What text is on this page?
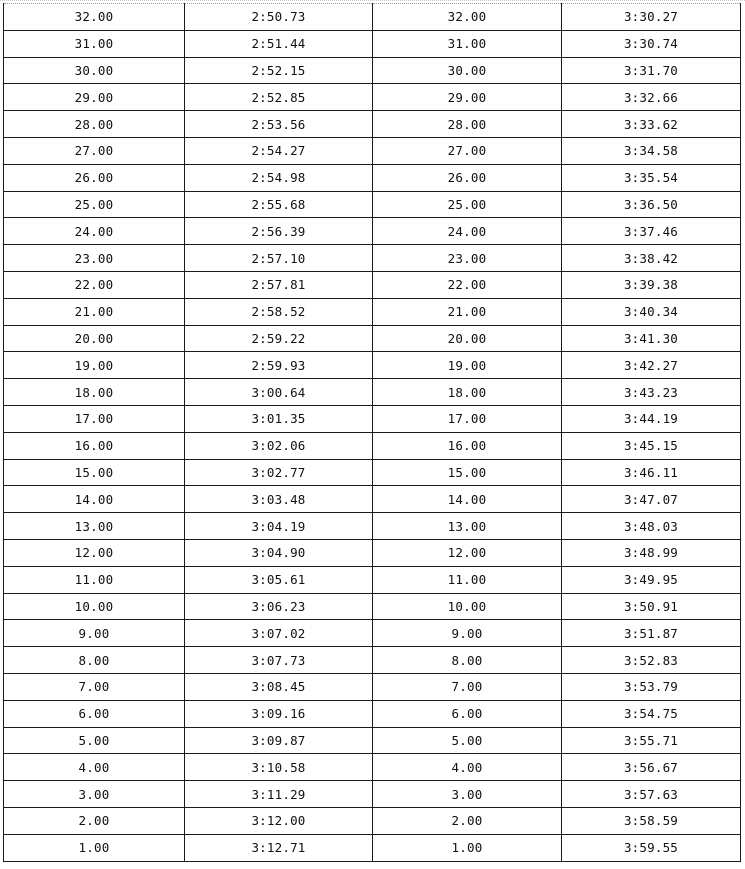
32.00	2:50.73	32.00	3:30.27
31.00	2:51.44	31.00	3:30.74
30.00	2:52.15	30.00	3:31.70
29.00	2:52.85	29.00	3:32.66
28.00	2:53.56	28.00	3:33.62
27.00	2:54.27	27.00	3:34.58
26.00	2:54.98	26.00	3:35.54
25.00	2:55.68	25.00	3:36.50
24.00	2:56.39	24.00	3:37.46
23.00	2:57.10	23.00	3:38.42
22.00	2:57.81	22.00	3:39.38
21.00	2:58.52	21.00	3:40.34
20.00	2:59.22	20.00	3:41.30
19.00	2:59.93	19.00	3:42.27
18.00	3:00.64	18.00	3:43.23
17.00	3:01.35	17.00	3:44.19
16.00	3:02.06	16.00	3:45.15
15.00	3:02.77	15.00	3:46.11
14.00	3:03.48	14.00	3:47.07
13.00	3:04.19	13.00	3:48.03
12.00	3:04.90	12.00	3:48.99
11.00	3:05.61	11.00	3:49.95
10.00	3:06.23	10.00	3:50.91
9.00	3:07.02	9.00	3:51.87
8.00	3:07.73	8.00	3:52.83
7.00	3:08.45	7.00	3:53.79
6.00	3:09.16	6.00	3:54.75
5.00	3:09.87	5.00	3:55.71
4.00	3:10.58	4.00	3:56.67
3.00	3:11.29	3.00	3:57.63
2.00	3:12.00	2.00	3:58.59
1.00	3:12.71	1.00	3:59.55
